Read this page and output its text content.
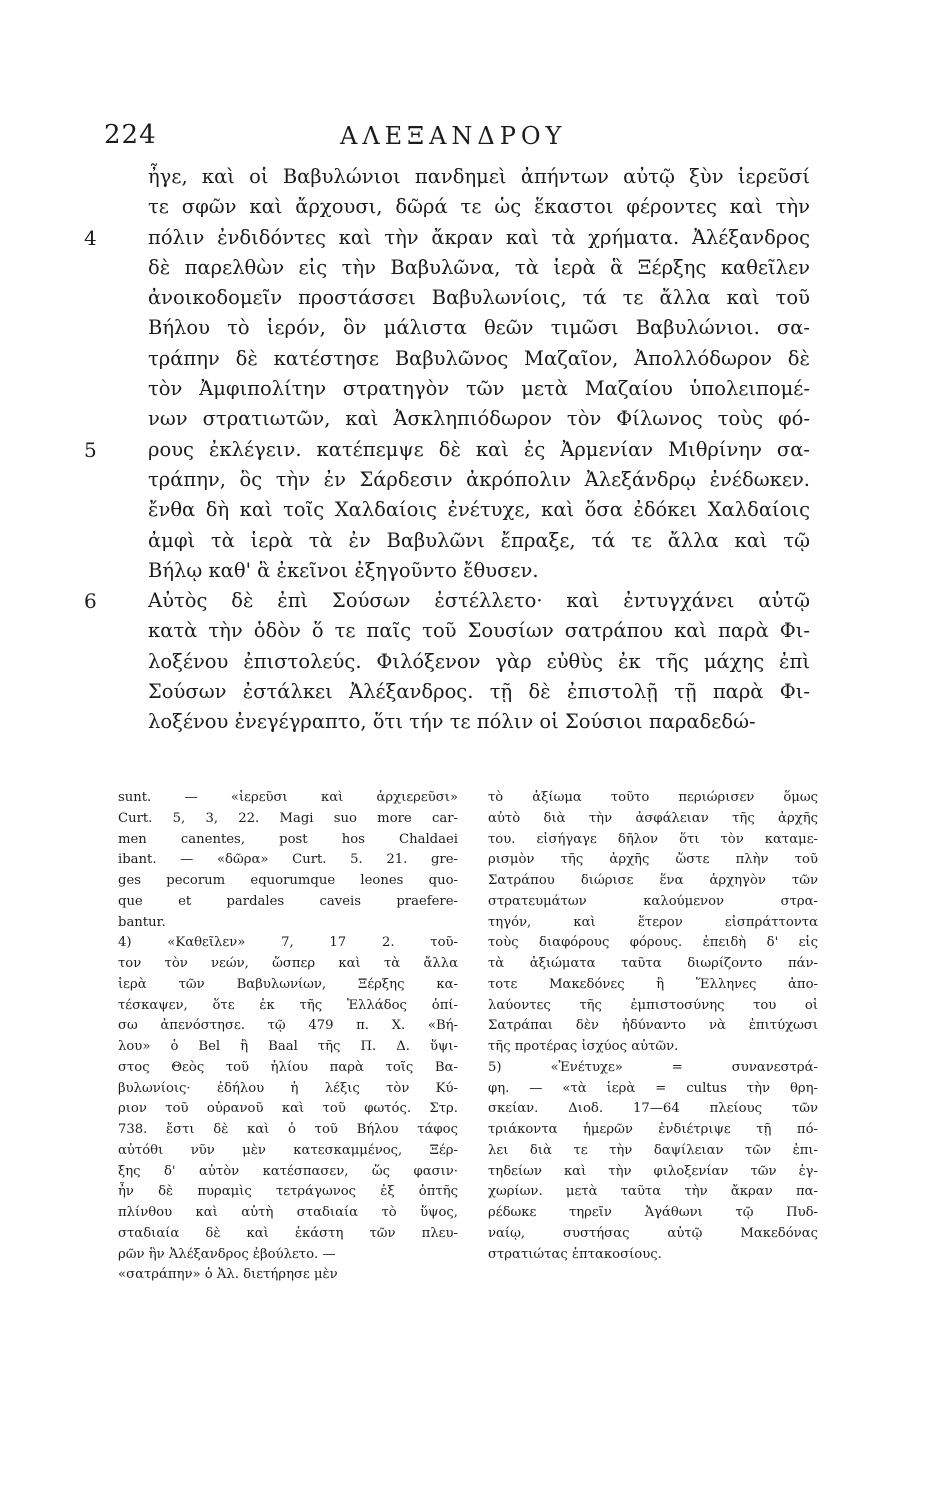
224	ΑΛΕΞΑΝΔΡΟΥ
ἦγε, καὶ οἱ Βαβυλώνιοι πανδημεὶ ἀπήντων αὐτῷ ξὺν ἱερεῦσί
τε σφῶν καὶ ἄρχουσι, δῶρά τε ὡς ἕκαστοι φέροντες καὶ τὴν
πόλιν ἐνδιδόντες καὶ τὴν ἄκραν καὶ τὰ χρήματα. Ἀλέξανδρος
δὲ παρελθὼν εἰς τὴν Βαβυλῶνα, τὰ ἱερὰ ἃ Ξέρξης καθεῖλεν
ἀνοικοδομεῖν προστάσσει Βαβυλωνίοις, τά τε ἄλλα καὶ τοῦ
Βήλου τὸ ἱερόν, ὃν μάλιστα θεῶν τιμῶσι Βαβυλώνιοι. σα-
τράπην δὲ κατέστησε Βαβυλῶνος Μαζαῖον, Ἀπολλόδωρον δὲ
τὸν Ἀμφιπολίτην στρατηγὸν τῶν μετὰ Μαζαίου ὑπολειπομέ-
νων στρατιωτῶν, καὶ Ἀσκληπιόδωρον τὸν Φίλωνος τοὺς φό-
ρους ἐκλέγειν. κατέπεμψε δὲ καὶ ἐς Ἀρμενίαν Μιθρίνην σα-
τράπην, ὃς τὴν ἐν Σάρδεσιν ἀκρόπολιν Ἀλεξάνδρῳ ἐνέδωκεν.
ἔνθα δὴ καὶ τοῖς Χαλδαίοις ἐνέτυχε, καὶ ὅσα ἐδόκει Χαλδαίοις
ἀμφὶ τὰ ἱερὰ τὰ ἐν Βαβυλῶνι ἔπραξε, τά τε ἄλλα καὶ τῷ
Βήλῳ καθ' ἃ ἐκεῖνοι ἐξηγοῦντο ἔθυσεν.
Αὐτὸς δὲ ἐπὶ Σούσων ἐστέλλετο· καὶ ἐντυγχάνει αὐτῷ
κατὰ τὴν ὁδὸν ὅ τε παῖς τοῦ Σουσίων σατράπου καὶ παρὰ Φι-
λοξένου ἐπιστολεύς. Φιλόξενον γὰρ εὐθὺς ἐκ τῆς μάχης ἐπὶ
Σούσων ἐστάλκει Ἀλέξανδρος. τῇ δὲ ἐπιστολῇ τῇ παρὰ Φι-
λοξένου ἐνεγέγραπτο, ὅτι τήν τε πόλιν οἱ Σούσιοι παραδεδώ-
sunt. — «ἱερεῦσι καὶ ἀρχιερεῦσι»
Curt. 5, 3, 22. Magi suo more car-
men canentes, post hos Chaldaei
ibant. — «δῶρα» Curt. 5. 21. gre-
ges pecorum equorumque leones quo-
que et pardales caveis praefere-
bantur.
4) «Καθεῖλεν» 7, 17 2. τοῦ-
τον τὸν νεών, ὥσπερ καὶ τὰ ἄλλα
ἱερὰ τῶν Βαβυλωνίων, Ξέρξης κα-
τέσκαψεν, ὅτε ἐκ τῆς Ἑλλάδος ὀπί-
σω ἀπενόστησε. τῷ 479 π. Χ. «Βή-
λου» ὁ Bel ἢ Baal τῆς Π. Δ. ὕψι-
στος Θεὸς τοῦ ἡλίου παρὰ τοῖς Βα-
βυλωνίοις· ἐδήλου ἡ λέξις τὸν Κύ-
ριον τοῦ οὐρανοῦ καὶ τοῦ φωτός. Στρ.
738. ἔστι δὲ καὶ ὁ τοῦ Βήλου τάφος
αὐτόθι νῦν μὲν κατεσκαμμένος, Ξέρ-
ξης δ' αὐτὸν κατέσπασεν, ὥς φασιν·
ἦν δὲ πυραμὶς τετράγωνος ἐξ ὀπτῆς
πλίνθου καὶ αὐτὴ σταδιαία τὸ ὕψος,
σταδιαία δὲ καὶ ἑκάστη τῶν πλευ-
ρῶν ἣν Ἀλέξανδρος ἐβούλετο. —
«σατράπην» ὁ Ἀλ. διετήρησε μὲν
τὸ ἀξίωμα τοῦτο περιώρισεν ὅμως
αὐτὸ διὰ τὴν ἀσφάλειαν τῆς ἀρχῆς
του. εἰσήγαγε δῆλον ὅτι τὸν καταμε-
ρισμὸν τῆς ἀρχῆς ὥστε πλὴν τοῦ
Σατράπου διώρισε ἕνα ἀρχηγὸν τῶν
στρατευμάτων καλούμενον στρα-
τηγόν, καὶ ἕτερον εἰσπράττοντα
τοὺς διαφόρους φόρους. ἐπειδὴ δ' εἰς
τὰ ἀξιώματα ταῦτα διωρίζοντο πάν-
τοτε Μακεδόνες ἢ Ἕλληνες ἀπο-
λαύοντες τῆς ἐμπιστοσύνης του οἱ
Σατράπαι δὲν ἠδύναντο νὰ ἐπιτύχωσι
τῆς προτέρας ἰσχύος αὐτῶν.
5) «Ἐνέτυχε» = συνανεστρά-
φη. — «τὰ ἱερὰ = cultus τὴν θρη-
σκείαν. Διοδ. 17—64 πλείους τῶν
τριάκοντα ἡμερῶν ἐνδιέτριψε τῇ πό-
λει διὰ τε τὴν δαψίλειαν τῶν ἐπι-
τηδείων καὶ τὴν φιλοξενίαν τῶν ἐγ-
χωρίων. μετὰ ταῦτα τὴν ἄκραν πα-
ρέδωκε τηρεῖν Ἀγάθωνι τῷ Πυδ-
ναίῳ, συστήσας αὐτῷ Μακεδόνας
στρατιώτας ἑπτακοσίους.
4
5
6
